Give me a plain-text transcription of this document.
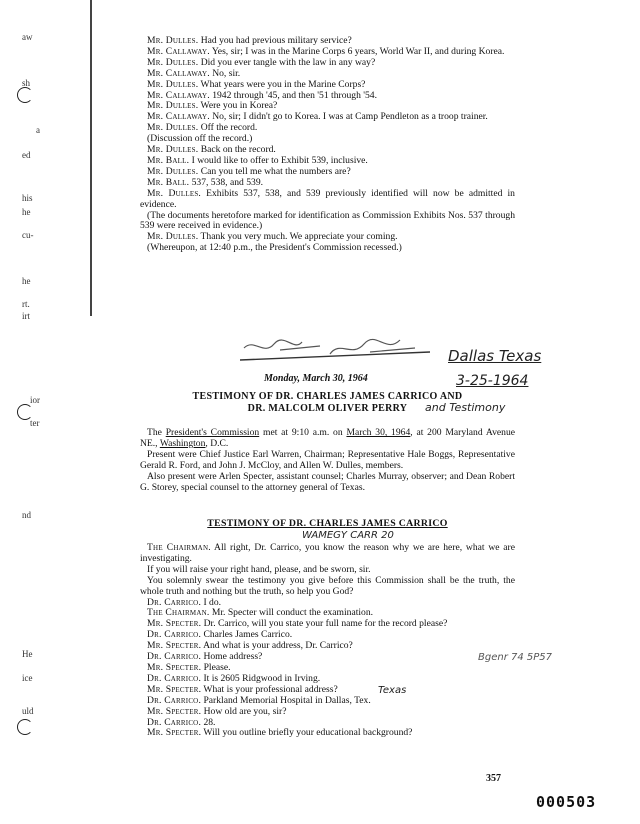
aw
sh
a
ed
his
he
cu-
he
rt.
irt
ior
ter
nd
He
ice
uld

Mr. Dulles. Had you had previous military service?

Mr. Callaway. Yes, sir; I was in the Marine Corps 6 years, World War II, and during Korea.

Mr. Dulles. Did you ever tangle with the law in any way?

Mr. Callaway. No, sir.

Mr. Dulles. What years were you in the Marine Corps?

Mr. Callaway. 1942 through '45, and then '51 through '54.

Mr. Dulles. Were you in Korea?

Mr. Callaway. No, sir; I didn't go to Korea. I was at Camp Pendleton as a troop trainer.

Mr. Dulles. Off the record.

(Discussion off the record.)

Mr. Dulles. Back on the record.

Mr. Ball. I would like to offer to Exhibit 539, inclusive.

Mr. Dulles. Can you tell me what the numbers are?

Mr. Ball. 537, 538, and 539.

Mr. Dulles. Exhibits 537, 538, and 539 previously identified will now be admitted in evidence.

(The documents heretofore marked for identification as Commission Exhibits Nos. 537 through 539 were received in evidence.)

Mr. Dulles. Thank you very much. We appreciate your coming.

(Whereupon, at 12:40 p.m., the President's Commission recessed.)

Dallas Texas
3-25-1964
Monday, March 30, 1964
TESTIMONY OF DR. CHARLES JAMES CARRICO AND
DR. MALCOLM OLIVER PERRY	and Testimony

The President's Commission met at 9:10 a.m. on March 30, 1964, at 200 Maryland Avenue NE., Washington, D.C.

Present were Chief Justice Earl Warren, Chairman; Representative Hale Boggs, Representative Gerald R. Ford, and John J. McCloy, and Allen W. Dulles, members.

Also present were Arlen Specter, assistant counsel; Charles Murray, observer; and Dean Robert G. Storey, special counsel to the attorney general of Texas.

TESTIMONY OF DR. CHARLES JAMES CARRICO
WAMEGY CARR 20

The Chairman. All right, Dr. Carrico, you know the reason why we are here, what we are investigating.

If you will raise your right hand, please, and be sworn, sir.

You solemnly swear the testimony you give before this Commission shall be the truth, the whole truth and nothing but the truth, so help you God?

Dr. Carrico. I do.

The Chairman. Mr. Specter will conduct the examination.

Mr. Specter. Dr. Carrico, will you state your full name for the record please?

Dr. Carrico. Charles James Carrico.

Mr. Specter. And what is your address, Dr. Carrico?

Dr. Carrico. Home address?

Mr. Specter. Please.

Dr. Carrico. It is 2605 Ridgwood in Irving.

Mr. Specter. What is your professional address?

Dr. Carrico. Parkland Memorial Hospital in Dallas, Tex.

Mr. Specter. How old are you, sir?

Dr. Carrico. 28.

Mr. Specter. Will you outline briefly your educational background?

Texas
Bgenr 74 5P57
357
000503
